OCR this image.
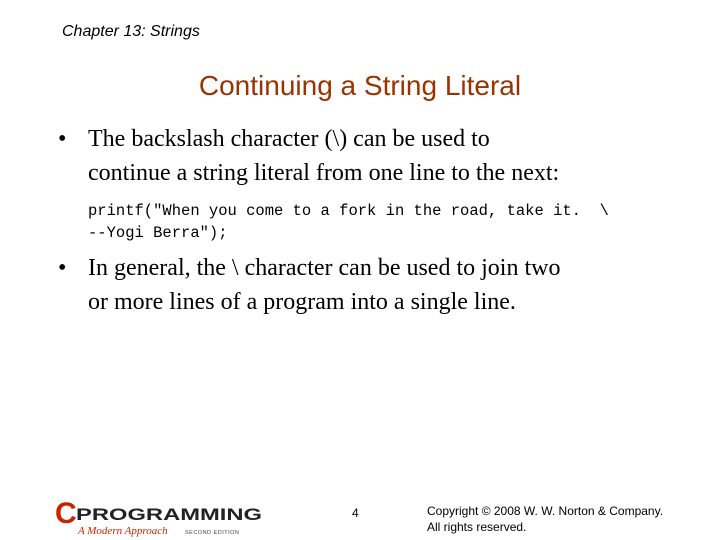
Chapter 13: Strings
Continuing a String Literal
• The backslash character (\) can be used to
continue a string literal from one line to the next:
printf("When you come to a fork in the road, take it.  \
--Yogi Berra");
• In general, the \ character can be used to join two
or more lines of a program into a single line.
C PROGRAMMING
A Modern Approach	SECOND EDITION
4	Copyright © 2008 W. W. Norton & Company.
All rights reserved.
